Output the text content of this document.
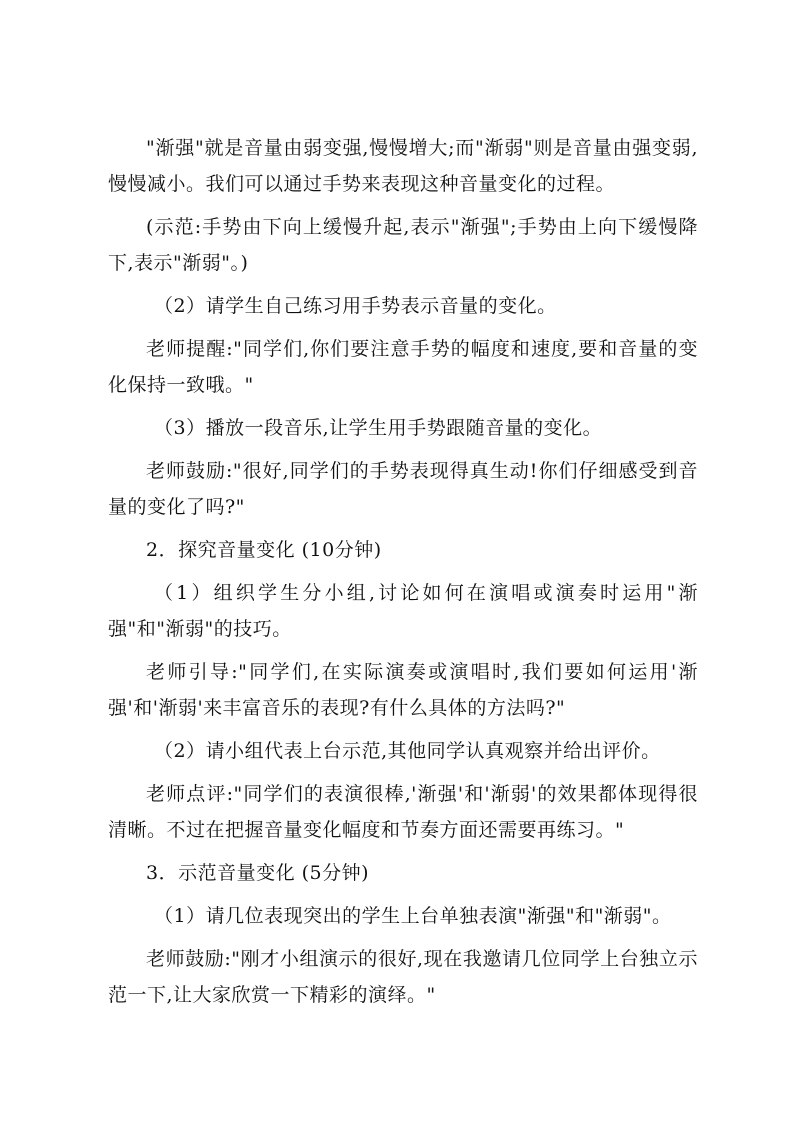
"渐强"就是音量由弱变强,慢慢增大;而"渐弱"则是音量由强变弱,慢慢减小。我们可以通过手势来表现这种音量变化的过程。

(示范:手势由下向上缓慢升起,表示"渐强";手势由上向下缓慢降下,表示"渐弱"。)

（2）请学生自己练习用手势表示音量的变化。

老师提醒:"同学们,你们要注意手势的幅度和速度,要和音量的变化保持一致哦。"

（3）播放一段音乐,让学生用手势跟随音量的变化。

老师鼓励:"很好,同学们的手势表现得真生动!你们仔细感受到音量的变化了吗?"

2．探究音量变化 (10分钟)

（1）组织学生分小组,讨论如何在演唱或演奏时运用"渐强"和"渐弱"的技巧。

老师引导:"同学们,在实际演奏或演唱时,我们要如何运用'渐强'和'渐弱'来丰富音乐的表现?有什么具体的方法吗?"

（2）请小组代表上台示范,其他同学认真观察并给出评价。

老师点评:"同学们的表演很棒,'渐强'和'渐弱'的效果都体现得很清晰。不过在把握音量变化幅度和节奏方面还需要再练习。"

3．示范音量变化 (5分钟)

（1）请几位表现突出的学生上台单独表演"渐强"和"渐弱"。

老师鼓励:"刚才小组演示的很好,现在我邀请几位同学上台独立示范一下,让大家欣赏一下精彩的演绎。"
